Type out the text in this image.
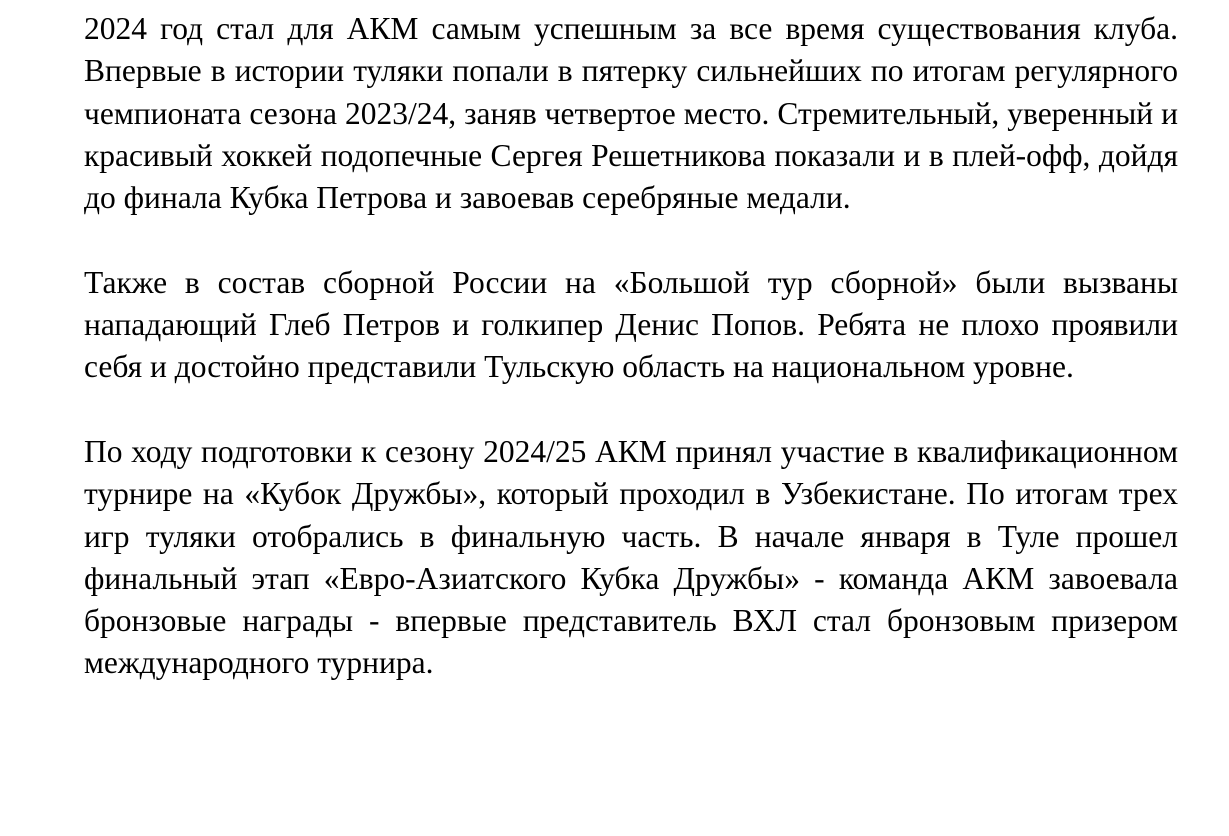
2024 год стал для АКМ самым успешным за все время существования клуба. Впервые в истории туляки попали в пятерку сильнейших по итогам регулярного чемпионата сезона 2023/24, заняв четвертое место. Стремительный, уверенный и красивый хоккей подопечные Сергея Решетникова показали и в плей-офф, дойдя до финала Кубка Петрова и завоевав серебряные медали.

Также в состав сборной России на «Большой тур сборной» были вызваны нападающий Глеб Петров и голкипер Денис Попов. Ребята не плохо проявили себя и достойно представили Тульскую область на национальном уровне.

По ходу подготовки к сезону 2024/25 АКМ принял участие в квалификационном турнире на «Кубок Дружбы», который проходил в Узбекистане. По итогам трех игр туляки отобрались в финальную часть. В начале января в Туле прошел финальный этап «Евро-Азиатского Кубка Дружбы» - команда АКМ завоевала бронзовые награды - впервые представитель ВХЛ стал бронзовым призером международного турнира.
